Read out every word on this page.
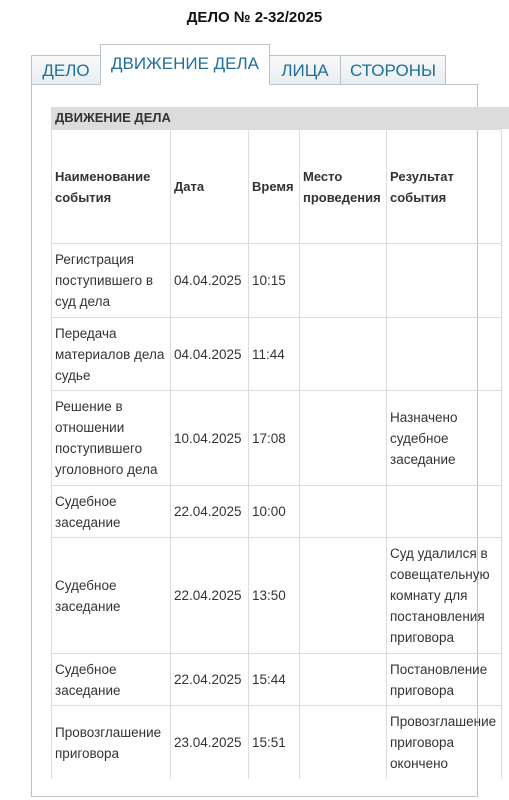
ДЕЛО № 2-32/2025
ДЕЛО	ДВИЖЕНИЕ ДЕЛА	ЛИЦА	СТОРОНЫ
ДВИЖЕНИЕ ДЕЛА
Наименование события	Дата	Время	Место проведения	Результат события
Регистрация поступившего в суд дела	04.04.2025	10:15		
Передача материалов дела судье	04.04.2025	11:44		
Решение в отношении поступившего уголовного дела	10.04.2025	17:08		Назначено судебное заседание
Судебное заседание	22.04.2025	10:00		
Судебное заседание	22.04.2025	13:50		Суд удалился в совещательную комнату для постановления приговора
Судебное заседание	22.04.2025	15:44		Постановление приговора
Провозглашение приговора	23.04.2025	15:51		Провозглашение приговора окончено
